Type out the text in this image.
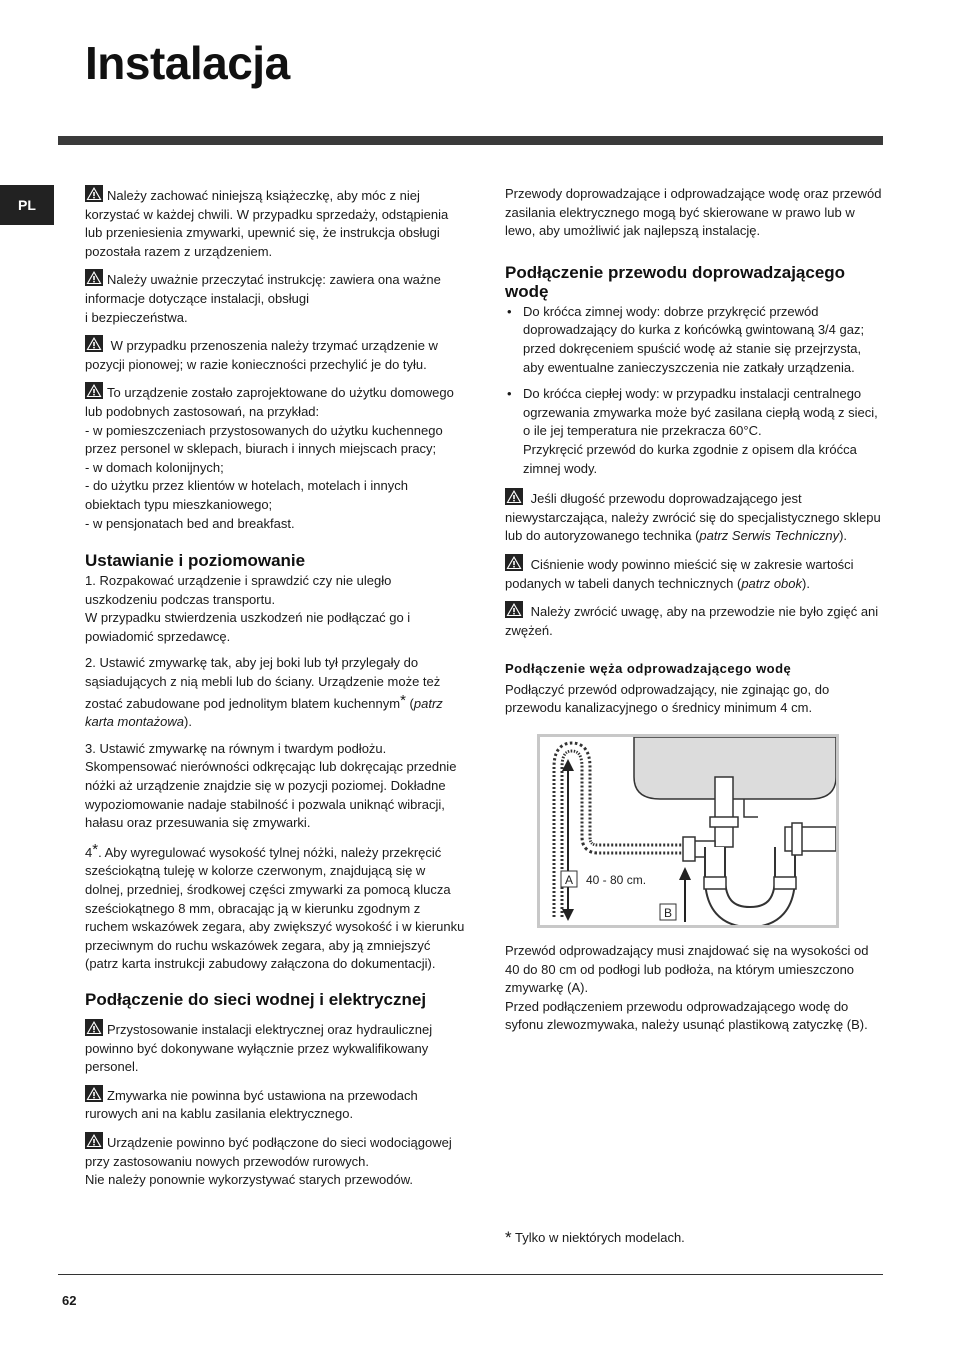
Instalacja
PL

Należy zachować niniejszą książeczkę, aby móc z niej korzystać w każdej chwili. W przypadku sprzedaży, odstąpienia lub przeniesienia zmywarki, upewnić się, że instrukcja obsługi pozostała razem z urządzeniem.

Należy uważnie przeczytać instrukcję: zawiera ona ważne informacje dotyczące instalacji, obsługi

i bezpieczeństwa.

W przypadku przenoszenia należy trzymać urządzenie w pozycji pionowej; w razie konieczności przechylić je do tyłu.

To urządzenie zostało zaprojektowane do użytku domowego lub podobnych zastosowań, na przykład:
- w pomieszczeniach przystosowanych do użytku kuchennego przez personel w sklepach, biurach i innych miejscach pracy;
- w domach kolonijnych;
- do użytku przez klientów w hotelach, motelach i innych obiektach typu mieszkaniowego;
- w pensjonatach bed and breakfast.
Ustawianie i poziomowanie
1. Rozpakować urządzenie i sprawdzić czy nie uległo uszkodzeniu podczas transportu.
W przypadku stwierdzenia uszkodzeń nie podłączać go i powiadomić sprzedawcę.

2. Ustawić zmywarkę tak, aby jej boki lub tył przylegały do sąsiadujących z nią mebli lub do ściany. Urządzenie może też zostać zabudowane pod jednolitym blatem kuchennym* (patrz karta montażowa).

3. Ustawić zmywarkę na równym i twardym podłożu. Skompensować nierówności odkręcając lub dokręcając przednie nóżki aż urządzenie znajdzie się w pozycji poziomej. Dokładne wypoziomowanie nadaje stabilność i pozwala uniknąć wibracji, hałasu oraz przesuwania się zmywarki.

4*. Aby wyregulować wysokość tylnej nóżki, należy przekręcić sześciokątną tuleję w kolorze czerwonym, znajdującą się w dolnej, przedniej, środkowej części zmywarki za pomocą klucza sześciokątnego 8 mm, obracając ją w kierunku zgodnym z ruchem wskazówek zegara, aby zwiększyć wysokość i w kierunku przeciwnym do ruchu wskazówek zegara, aby ją zmniejszyć (patrz karta instrukcji zabudowy załączona do dokumentacji).

Podłączenie do sieci wodnej i elektrycznej

Przystosowanie instalacji elektrycznej oraz hydraulicznej powinno być dokonywane wyłącznie przez wykwalifikowany personel.

Zmywarka nie powinna być ustawiona na przewodach rurowych ani na kablu zasilania elektrycznego.

Urządzenie powinno być podłączone do sieci wodociągowej przy zastosowaniu nowych przewodów rurowych.
Nie należy ponownie wykorzystywać starych przewodów.

Przewody doprowadzające i odprowadzające wodę oraz przewód zasilania elektrycznego mogą być skierowane w prawo lub w lewo, aby umożliwić jak najlepszą instalację.

Podłączenie przewodu doprowadzającego wodę
• Do króćca zimnej wody: dobrze przykręcić przewód doprowadzający do kurka z końcówką gwintowaną 3/4 gaz; przed dokręceniem spuścić wodę aż stanie się przejrzysta, aby ewentualne zanieczyszczenia nie zatkały urządzenia.
• Do króćca ciepłej wody: w przypadku instalacji centralnego ogrzewania zmywarka może być zasilana ciepłą wodą z sieci, o ile jej temperatura nie przekracza 60°C.
Przykręcić przewód do kurka zgodnie z opisem dla króćca zimnej wody.

Jeśli długość przewodu doprowadzającego jest niewystarczająca, należy zwrócić się do specjalistycznego sklepu lub do autoryzowanego technika (patrz Serwis Techniczny).

Ciśnienie wody powinno mieścić się w zakresie wartości podanych w tabeli danych technicznych (patrz obok).

Należy zwrócić uwagę, aby na przewodzie nie było zgięć ani zwężeń.

Podłączenie węża odprowadzającego wodę

Podłączyć przewód odprowadzający, nie zginając go, do przewodu kanalizacyjnego o średnicy minimum 4 cm.

A 40 - 80 cm.
B
Przewód odprowadzający musi znajdować się na wysokości od 40 do 80 cm od podłogi lub podłoża, na którym umieszczono zmywarkę (A).
Przed podłączeniem przewodu odprowadzającego wodę do syfonu zlewozmywaka, należy usunąć plastikową zatyczkę (B).
* Tylko w niektórych modelach.
62
